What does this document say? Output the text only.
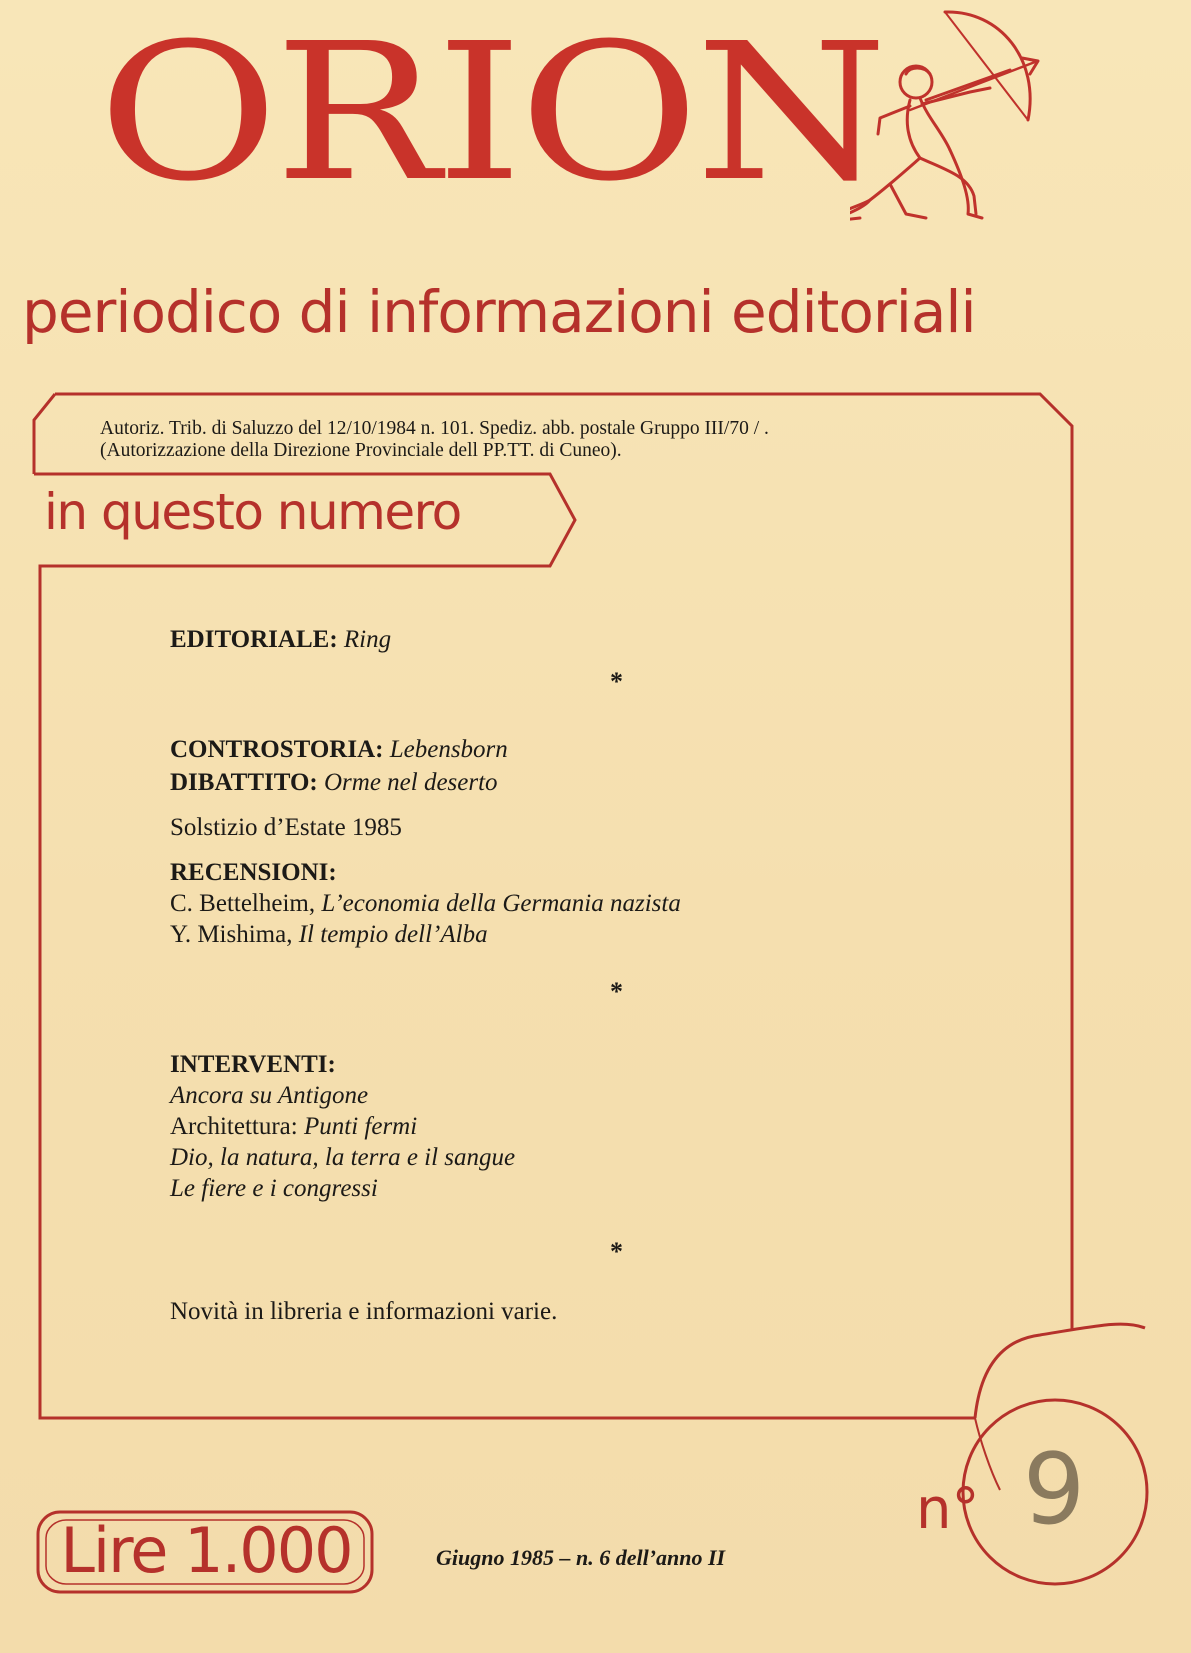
ORION
periodico di informazioni editoriali
Autoriz. Trib. di Saluzzo del 12/10/1984 n. 101. Spediz. abb. postale Gruppo III/70 / .
(Autorizzazione della Direzione Provinciale dell PP.TT. di Cuneo).
in questo numero
EDITORIALE: Ring
*
CONTROSTORIA: Lebensborn
DIBATTITO: Orme nel deserto
Solstizio d’Estate 1985
RECENSIONI:
C. Bettelheim, L’economia della Germania nazista
Y. Mishima, Il tempio dell’Alba
*
INTERVENTI:
Ancora su Antigone
Architettura: Punti fermi
Dio, la natura, la terra e il sangue
Le fiere e i congressi
*
Novità in libreria e informazioni varie.
Lire 1.000	Giugno 1985 – n. 6 dell’anno II
n° 9
